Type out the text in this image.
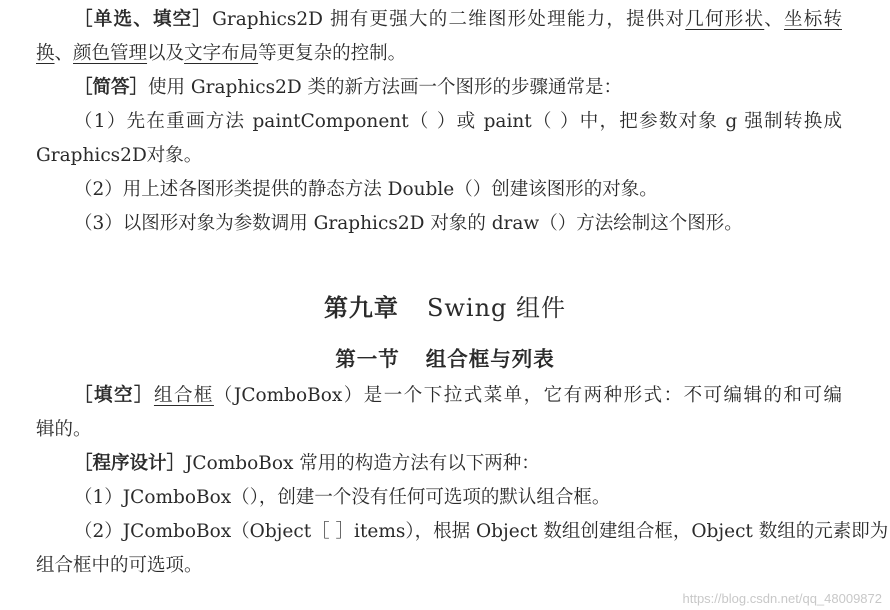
［单选、填空］Graphics2D 拥有更强大的二维图形处理能力，提供对几何形状、坐标转
换、颜色管理以及文字布局等更复杂的控制。

［简答］使用 Graphics2D 类的新方法画一个图形的步骤通常是：

（1）先在重画方法 paintComponent（ ）或 paint（ ）中，把参数对象 g 强制转换成
Graphics2D对象。

（2）用上述各图形类提供的静态方法 Double（）创建该图形的对象。

（3）以图形对象为参数调用 Graphics2D 对象的 draw（）方法绘制这个图形。

第九章 Swing 组件
第一节 组合框与列表

［填空］组合框（JComboBox）是一个下拉式菜单，它有两种形式：不可编辑的和可编
辑的。

［程序设计］JComboBox 常用的构造方法有以下两种：

（1）JComboBox（），创建一个没有任何可选项的默认组合框。

（2）JComboBox（Object［ ］items），根据 Object 数组创建组合框，Object 数组的元素即为
组合框中的可选项。

https://blog.csdn.net/qq_48009872
